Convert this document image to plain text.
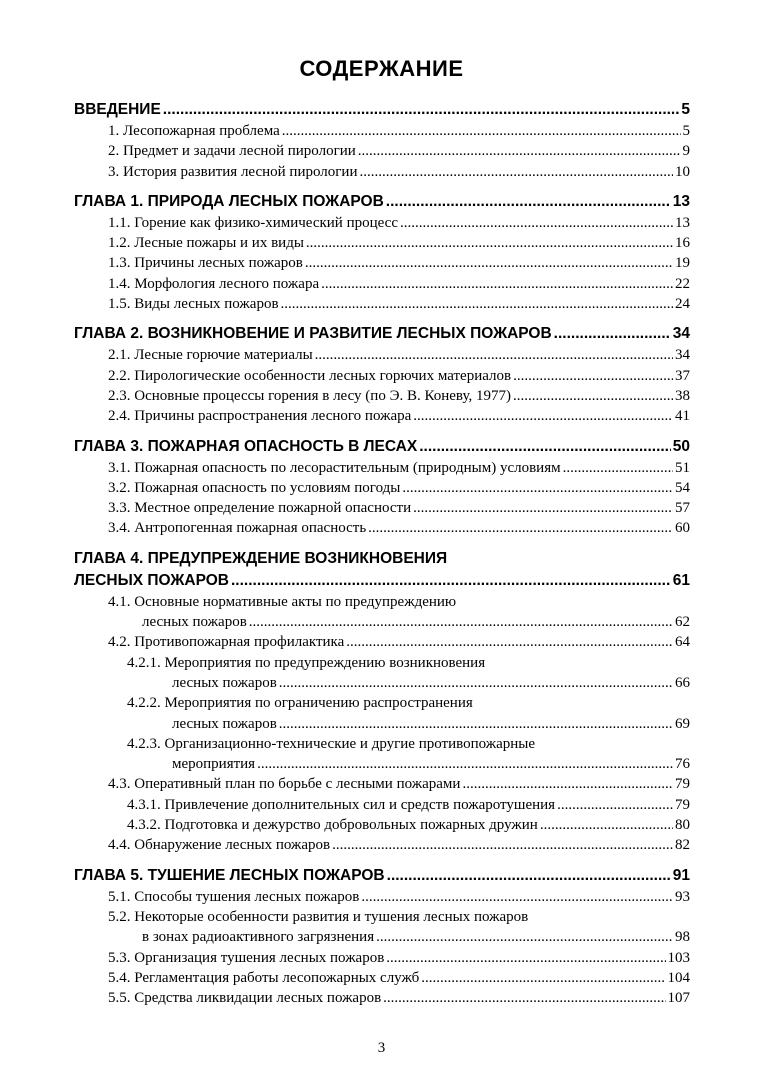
СОДЕРЖАНИЕ
ВВЕДЕНИЕ .....	5
1. Лесопожарная проблема .....	5
2. Предмет и задачи лесной пирологии .....	9
3. История развития лесной пирологии .....	10
ГЛАВА 1. ПРИРОДА ЛЕСНЫХ ПОЖАРОВ .....	13
1.1. Горение как физико-химический процесс .....	13
1.2. Лесные пожары и их виды .....	16
1.3. Причины лесных пожаров .....	19
1.4. Морфология лесного пожара .....	22
1.5. Виды лесных пожаров .....	24
ГЛАВА 2. ВОЗНИКНОВЕНИЕ И РАЗВИТИЕ ЛЕСНЫХ ПОЖАРОВ .....	34
2.1. Лесные горючие материалы .....	34
2.2. Пирологические особенности лесных горючих материалов .....	37
2.3. Основные процессы горения в лесу (по Э. В. Коневу, 1977) .....	38
2.4. Причины распространения лесного пожара .....	41
ГЛАВА 3. ПОЖАРНАЯ ОПАСНОСТЬ В ЛЕСАХ .....	50
3.1. Пожарная опасность по лесорастительным (природным) условиям .....	51
3.2. Пожарная опасность по условиям погоды .....	54
3.3. Местное определение пожарной опасности .....	57
3.4. Антропогенная пожарная опасность .....	60
ГЛАВА 4. ПРЕДУПРЕЖДЕНИЕ ВОЗНИКНОВЕНИЯ
ЛЕСНЫХ ПОЖАРОВ .....	61
4.1. Основные нормативные акты по предупреждению
лесных пожаров .....	62
4.2. Противопожарная профилактика .....	64
4.2.1. Мероприятия по предупреждению возникновения
лесных пожаров .....	66
4.2.2. Мероприятия по ограничению распространения
лесных пожаров .....	69
4.2.3. Организационно-технические и другие противопожарные
мероприятия .....	76
4.3. Оперативный план по борьбе с лесными пожарами .....	79
4.3.1. Привлечение дополнительных сил и средств пожаротушения .....	79
4.3.2. Подготовка и дежурство добровольных пожарных дружин .....	80
4.4. Обнаружение лесных пожаров .....	82
ГЛАВА 5. ТУШЕНИЕ ЛЕСНЫХ ПОЖАРОВ .....	91
5.1. Способы тушения лесных пожаров .....	93
5.2. Некоторые особенности развития и тушения лесных пожаров
в зонах радиоактивного загрязнения .....	98
5.3. Организация тушения лесных пожаров .....	103
5.4. Регламентация работы лесопожарных служб .....	104
5.5. Средства ликвидации лесных пожаров .....	107
3
